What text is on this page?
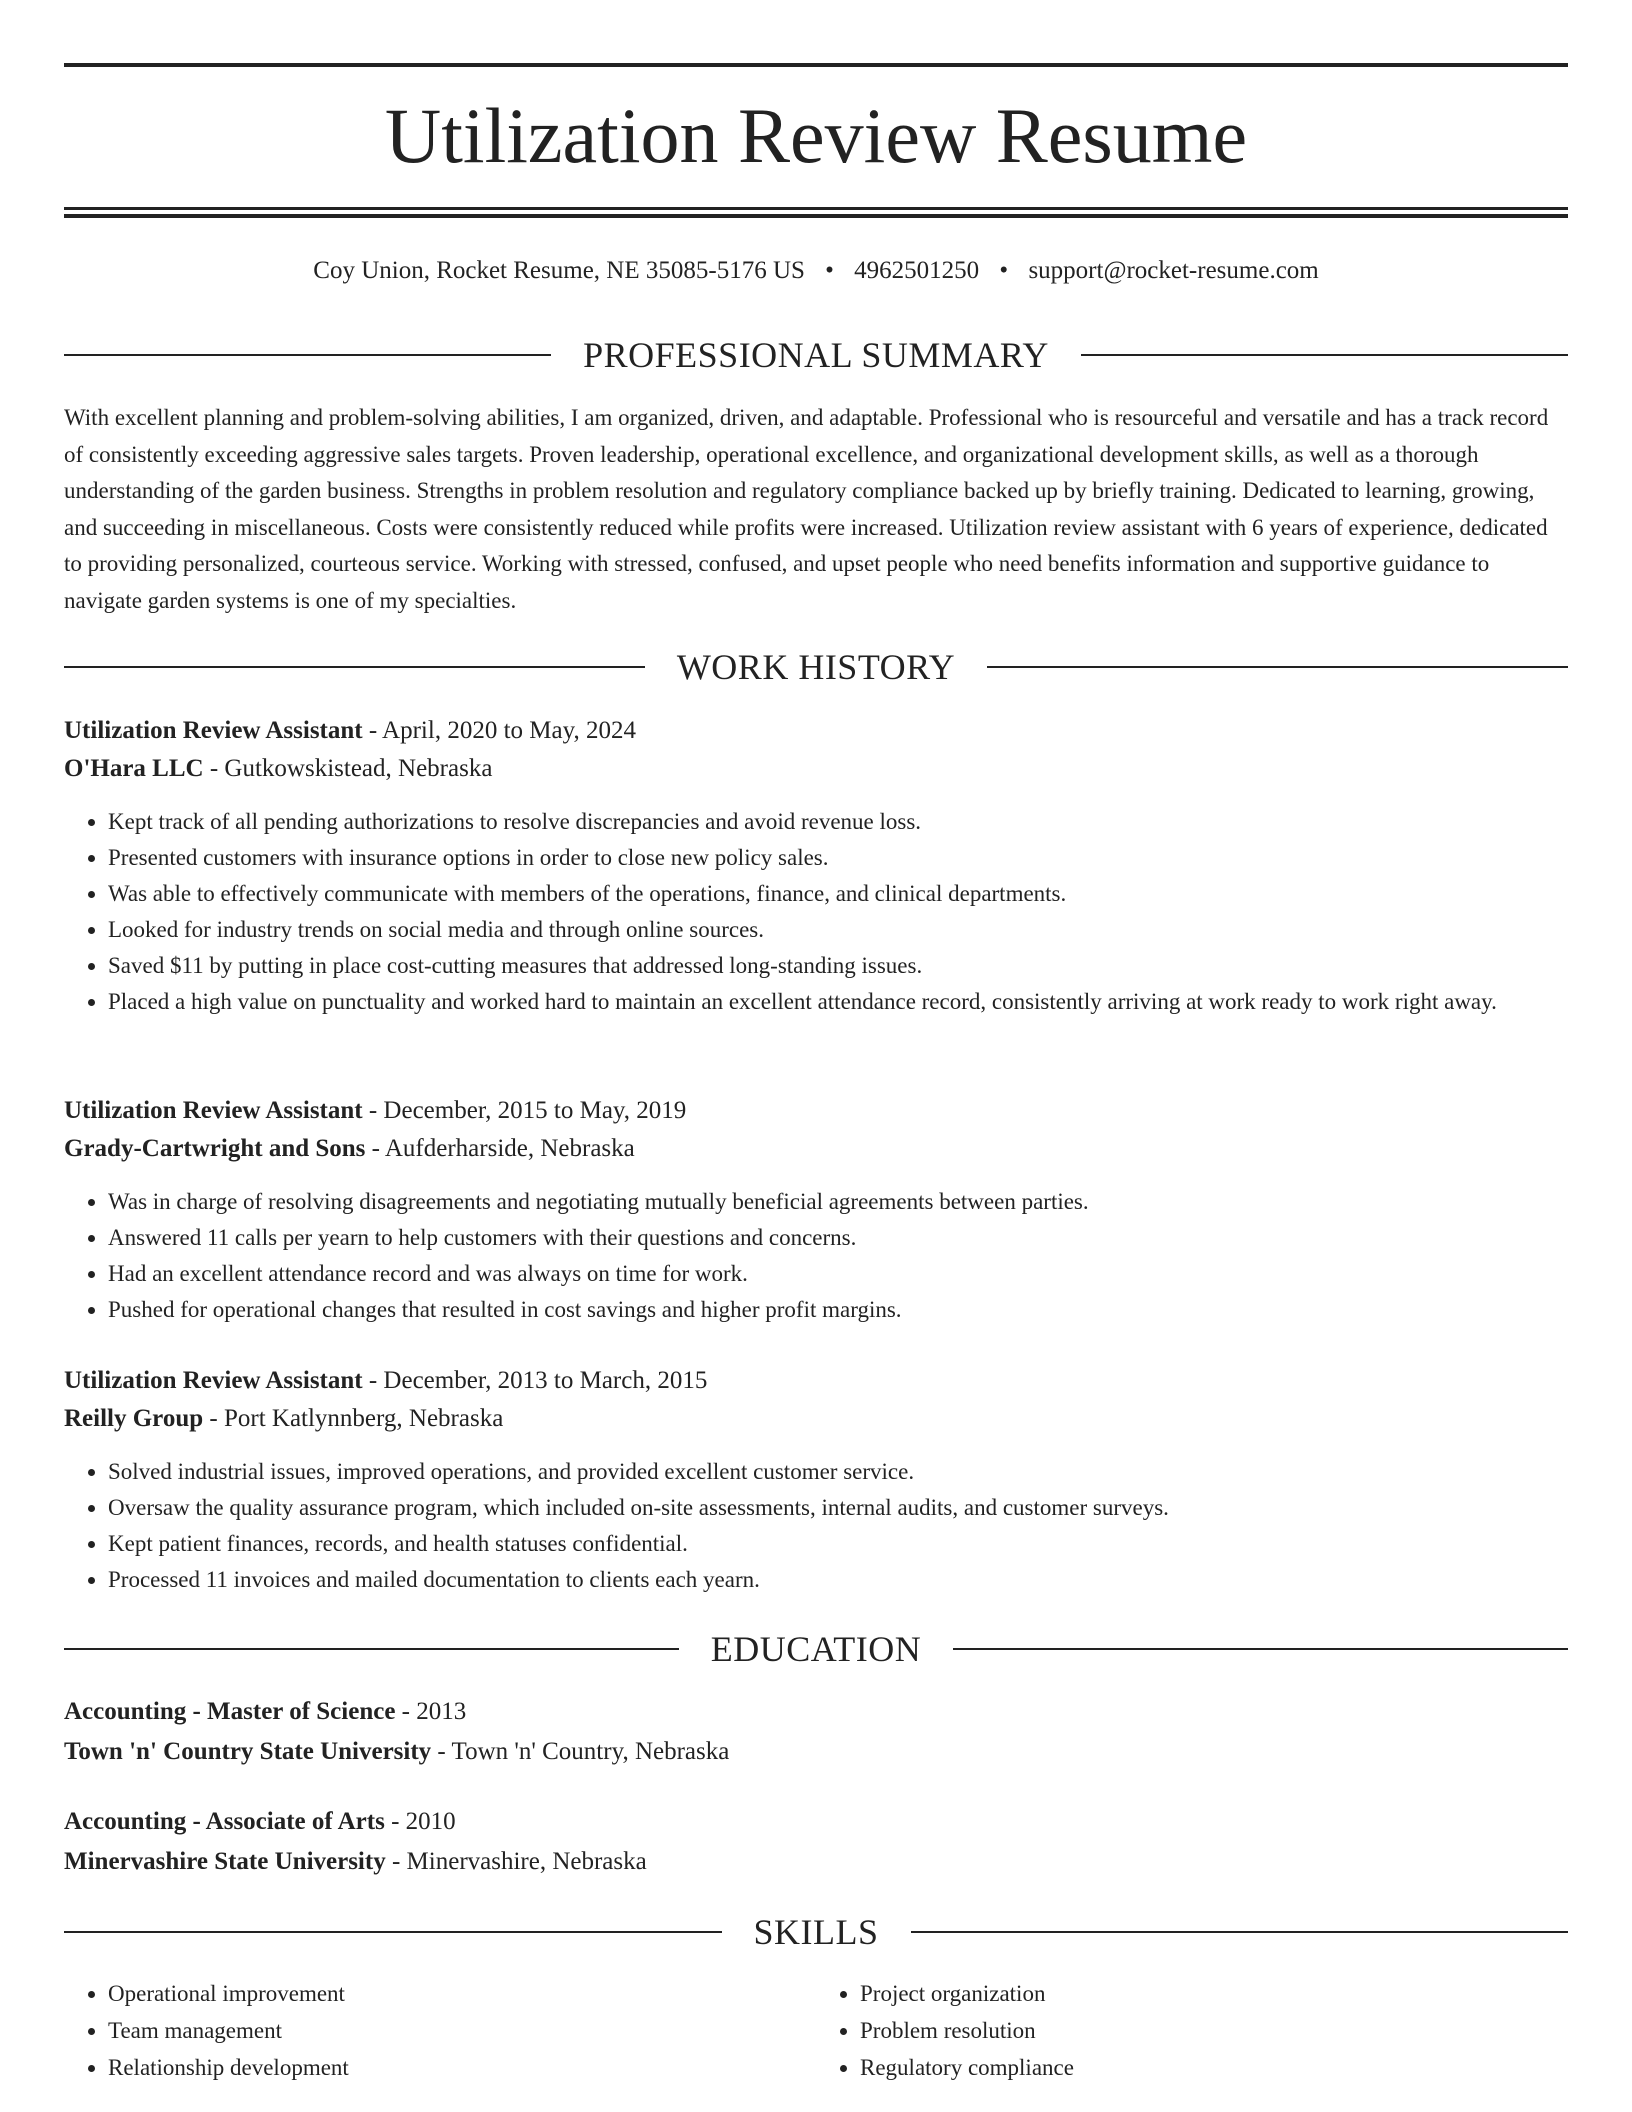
Utilization Review Resume
Coy Union, Rocket Resume, NE 35085-5176 US • 4962501250 • support@rocket-resume.com
PROFESSIONAL SUMMARY

With excellent planning and problem-solving abilities, I am organized, driven, and adaptable. Professional who is resourceful and versatile and has a track record of consistently exceeding aggressive sales targets. Proven leadership, operational excellence, and organizational development skills, as well as a thorough understanding of the garden business. Strengths in problem resolution and regulatory compliance backed up by briefly training. Dedicated to learning, growing, and succeeding in miscellaneous. Costs were consistently reduced while profits were increased. Utilization review assistant with 6 years of experience, dedicated to providing personalized, courteous service. Working with stressed, confused, and upset people who need benefits information and supportive guidance to navigate garden systems is one of my specialties.

WORK HISTORY
Utilization Review Assistant - April, 2020 to May, 2024
O'Hara LLC - Gutkowskistead, Nebraska
• Kept track of all pending authorizations to resolve discrepancies and avoid revenue loss.
• Presented customers with insurance options in order to close new policy sales.
• Was able to effectively communicate with members of the operations, finance, and clinical departments.
• Looked for industry trends on social media and through online sources.
• Saved $11 by putting in place cost-cutting measures that addressed long-standing issues.
• Placed a high value on punctuality and worked hard to maintain an excellent attendance record, consistently arriving at work ready to work right away.
Utilization Review Assistant - December, 2015 to May, 2019
Grady-Cartwright and Sons - Aufderharside, Nebraska
• Was in charge of resolving disagreements and negotiating mutually beneficial agreements between parties.
• Answered 11 calls per yearn to help customers with their questions and concerns.
• Had an excellent attendance record and was always on time for work.
• Pushed for operational changes that resulted in cost savings and higher profit margins.
Utilization Review Assistant - December, 2013 to March, 2015
Reilly Group - Port Katlynnberg, Nebraska
• Solved industrial issues, improved operations, and provided excellent customer service.
• Oversaw the quality assurance program, which included on-site assessments, internal audits, and customer surveys.
• Kept patient finances, records, and health statuses confidential.
• Processed 11 invoices and mailed documentation to clients each yearn.
EDUCATION
Accounting - Master of Science - 2013
Town 'n' Country State University - Town 'n' Country, Nebraska
Accounting - Associate of Arts - 2010
Minervashire State University - Minervashire, Nebraska
SKILLS
• Operational improvement
• Team management
• Relationship development
• Project organization
• Problem resolution
• Regulatory compliance
